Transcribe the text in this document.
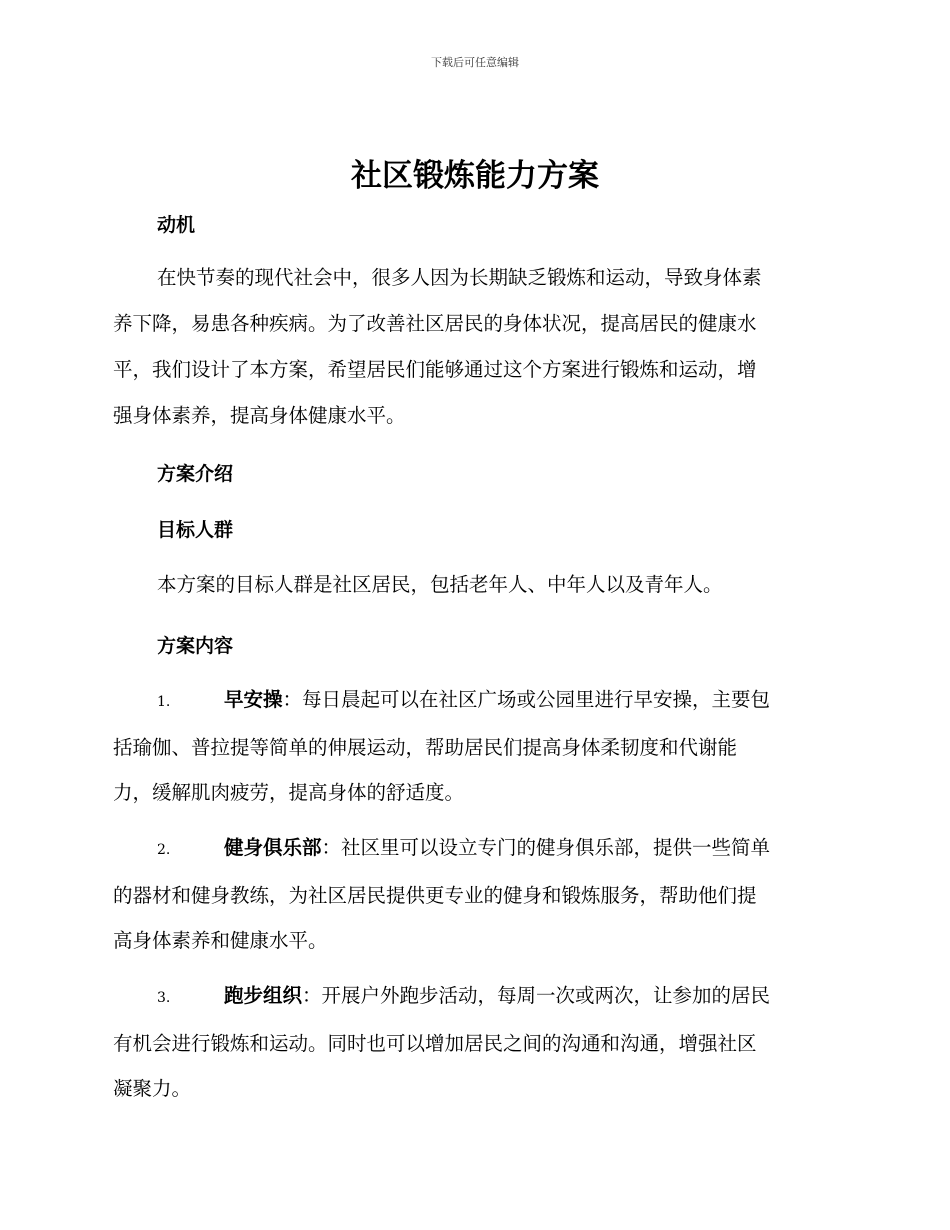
下载后可任意编辑
社区锻炼能力方案
动机
在快节奏的现代社会中，很多人因为长期缺乏锻炼和运动，导致身体素
养下降，易患各种疾病。为了改善社区居民的身体状况，提高居民的健康水
平，我们设计了本方案，希望居民们能够通过这个方案进行锻炼和运动，增
强身体素养，提高身体健康水平。
方案介绍
目标人群
本方案的目标人群是社区居民，包括老年人、中年人以及青年人。
方案内容
1.	早安操：每日晨起可以在社区广场或公园里进行早安操，主要包
括瑜伽、普拉提等简单的伸展运动，帮助居民们提高身体柔韧度和代谢能
力，缓解肌肉疲劳，提高身体的舒适度。
2.	健身俱乐部：社区里可以设立专门的健身俱乐部，提供一些简单
的器材和健身教练，为社区居民提供更专业的健身和锻炼服务，帮助他们提
高身体素养和健康水平。
3.	跑步组织：开展户外跑步活动，每周一次或两次，让参加的居民
有机会进行锻炼和运动。同时也可以增加居民之间的沟通和沟通，增强社区
凝聚力。
